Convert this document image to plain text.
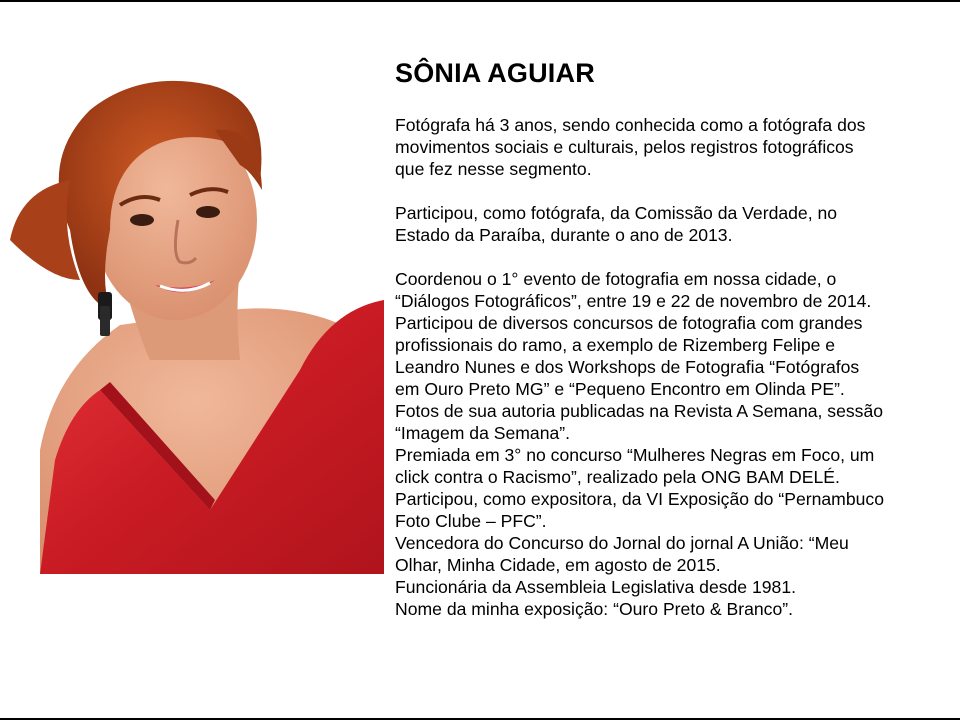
SÔNIA AGUIAR
Fotógrafa há 3 anos, sendo conhecida como a fotógrafa dos
movimentos sociais e culturais, pelos registros fotográficos
que fez nesse segmento.
Participou, como fotógrafa, da Comissão da Verdade, no
Estado da Paraíba, durante o ano de 2013.
Coordenou o 1° evento de fotografia em nossa cidade, o
“Diálogos Fotográficos”, entre 19 e 22 de novembro de 2014.
Participou de diversos concursos de fotografia com grandes
profissionais do ramo, a exemplo de Rizemberg Felipe e
Leandro Nunes e dos Workshops de Fotografia “Fotógrafos
em Ouro Preto MG” e “Pequeno Encontro em Olinda PE”.
Fotos de sua autoria publicadas na Revista A Semana, sessão
“Imagem da Semana”.
Premiada em 3° no concurso “Mulheres Negras em Foco, um
click contra o Racismo”, realizado pela ONG BAM DELÉ.
Participou, como expositora, da VI Exposição do “Pernambuco
Foto Clube – PFC”.
Vencedora do Concurso do Jornal do jornal A União: “Meu
Olhar, Minha Cidade, em agosto de 2015.
Funcionária da Assembleia Legislativa desde 1981.
Nome da minha exposição: “Ouro Preto & Branco”.
